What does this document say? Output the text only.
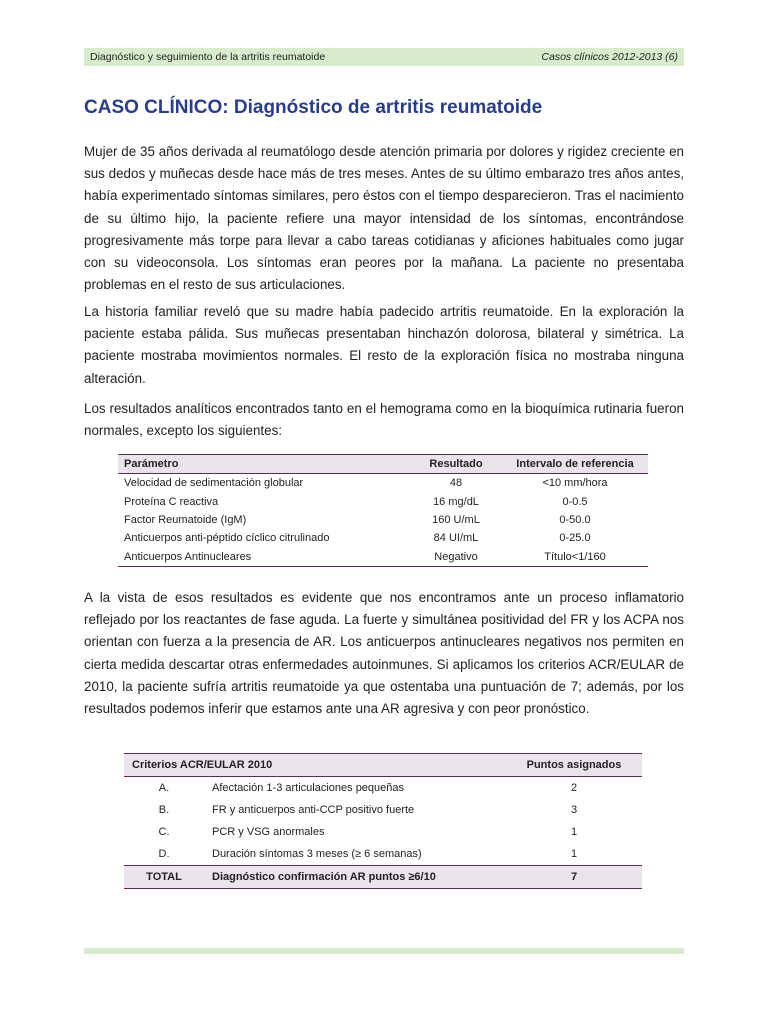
Diagnóstico y seguimiento de la artritis reumatoide	Casos clínicos 2012-2013 (6)
CASO CLÍNICO: Diagnóstico de artritis reumatoide

Mujer de 35 años derivada al reumatólogo desde atención primaria por dolores y rigidez creciente en sus dedos y muñecas desde hace más de tres meses. Antes de su último embarazo tres años antes, había experimentado síntomas similares, pero éstos con el tiempo desparecieron. Tras el nacimiento de su último hijo, la paciente refiere una mayor intensidad de los síntomas, encontrándose progresivamente más torpe para llevar a cabo tareas cotidianas y aficiones habituales como jugar con su videoconsola. Los síntomas eran peores por la mañana. La paciente no presentaba problemas en el resto de sus articulaciones.

La historia familiar reveló que su madre había padecido artritis reumatoide. En la exploración la paciente estaba pálida. Sus muñecas presentaban hinchazón dolorosa, bilateral y simétrica. La paciente mostraba movimientos normales. El resto de la exploración física no mostraba ninguna alteración.

Los resultados analíticos encontrados tanto en el hemograma como en la bioquímica rutinaria fueron normales, excepto los siguientes:

Parámetro	Resultado	Intervalo de referencia
Velocidad de sedimentación globular	48	<10 mm/hora
Proteína C reactiva	16 mg/dL	0-0.5
Factor Reumatoide (IgM)	160 U/mL	0-50.0
Anticuerpos anti-péptido cíclico citrulinado	84 UI/mL	0-25.0
Anticuerpos Antinucleares	Negativo	Título<1/160

A la vista de esos resultados es evidente que nos encontramos ante un proceso inflamatorio reflejado por los reactantes de fase aguda. La fuerte y simultánea positividad del FR y los ACPA nos orientan con fuerza a la presencia de AR. Los anticuerpos antinucleares negativos nos permiten en cierta medida descartar otras enfermedades autoinmunes. Si aplicamos los criterios ACR/EULAR de 2010, la paciente sufría artritis reumatoide ya que ostentaba una puntuación de 7; además, por los resultados podemos inferir que estamos ante una AR agresiva y con peor pronóstico.

Criterios ACR/EULAR 2010		Puntos asignados
A.	Afectación 1-3 articulaciones pequeñas	2
B.	FR y anticuerpos anti-CCP positivo fuerte	3
C.	PCR y VSG anormales	1
D.	Duración síntomas 3 meses (≥ 6 semanas)	1
TOTAL	Diagnóstico confirmación AR puntos ≥6/10	7
